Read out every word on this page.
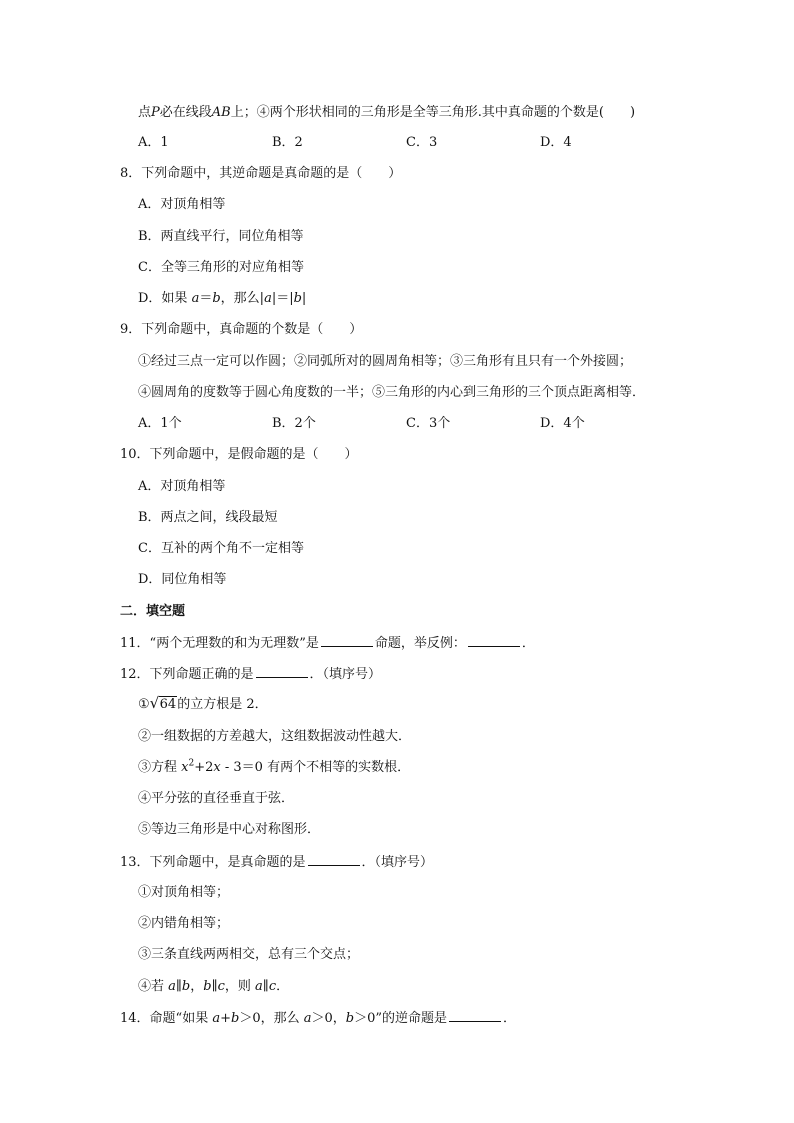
点P必在线段AB上；④两个形状相同的三角形是全等三角形.其中真命题的个数是(　　)
A．1	B．2	C．3	D．4
8．下列命题中，其逆命题是真命题的是（　　）
A．对顶角相等
B．两直线平行，同位角相等
C．全等三角形的对应角相等
D．如果 a＝b，那么|a|＝|b|
9．下列命题中，真命题的个数是（　　）
①经过三点一定可以作圆；②同弧所对的圆周角相等；③三角形有且只有一个外接圆；
④圆周角的度数等于圆心角度数的一半；⑤三角形的内心到三角形的三个顶点距离相等．
A．1个	B．2个	C．3个	D．4个
10．下列命题中，是假命题的是（　　）
A．对顶角相等
B．两点之间，线段最短
C．互补的两个角不一定相等
D．同位角相等
二．填空题
11．“两个无理数的和为无理数”是	命题，举反例：	．
12．下列命题正确的是	．（填序号）
① √ 64的立方根是 2．
②一组数据的方差越大，这组数据波动性越大．
③方程 $x^2+2x - 3=0$ 有两个不相等的实数根．
④平分弦的直径垂直于弦．
⑤等边三角形是中心对称图形．
13．下列命题中，是真命题的是	．（填序号）
①对顶角相等；
②内错角相等；
③三条直线两两相交，总有三个交点；
④若 a∥b，b∥c，则 a∥c．
14．命题“如果 a+b＞0，那么 a＞0，b＞0”的逆命题是	．
